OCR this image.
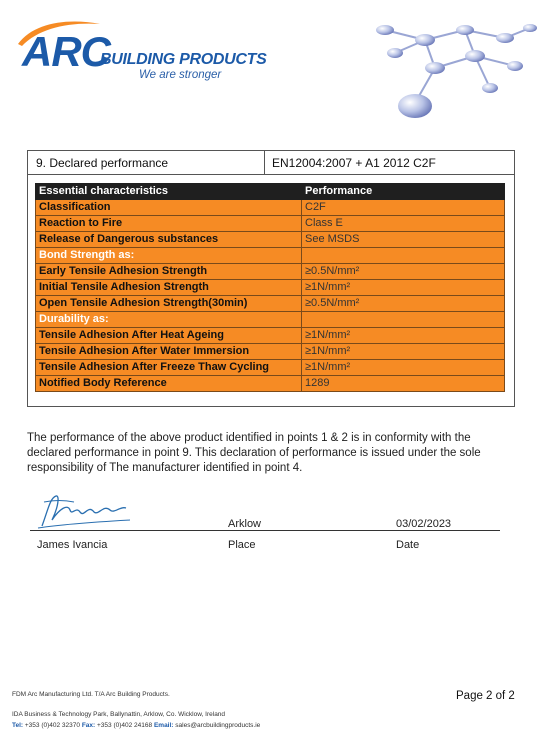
ARC
BUILDING PRODUCTS
We are stronger
9. Declared performance	EN12004:2007 + A1 2012 C2F
Essential characteristics	Performance
Classification	C2F
Reaction to Fire	Class E
Release of Dangerous substances	See MSDS
Bond Strength as:	
Early Tensile Adhesion Strength	≥0.5N/mm²
Initial Tensile Adhesion Strength	≥1N/mm²
Open Tensile Adhesion Strength(30min)	≥0.5N/mm²
Durability as:	
Tensile Adhesion After Heat Ageing	≥1N/mm²
Tensile Adhesion After Water Immersion	≥1N/mm²
Tensile Adhesion After Freeze Thaw Cycling	≥1N/mm²
Notified Body Reference	1289
The performance of the above product identified in points 1 & 2 is in conformity with the declared performance in point 9. This declaration of performance is issued under the sole responsibility of The manufacturer identified in point 4.
Arklow	03/02/2023
James Ivancia	Place	Date
FDM Arc Manufacturing Ltd. T/A Arc Building Products.
IDA Business & Technology Park, Ballynattin, Arklow, Co. Wicklow, Ireland
Tel: +353 (0)402 32370 Fax: +353 (0)402 24168 Email: sales@arcbuildingproducts.ie
Page 2 of 2
